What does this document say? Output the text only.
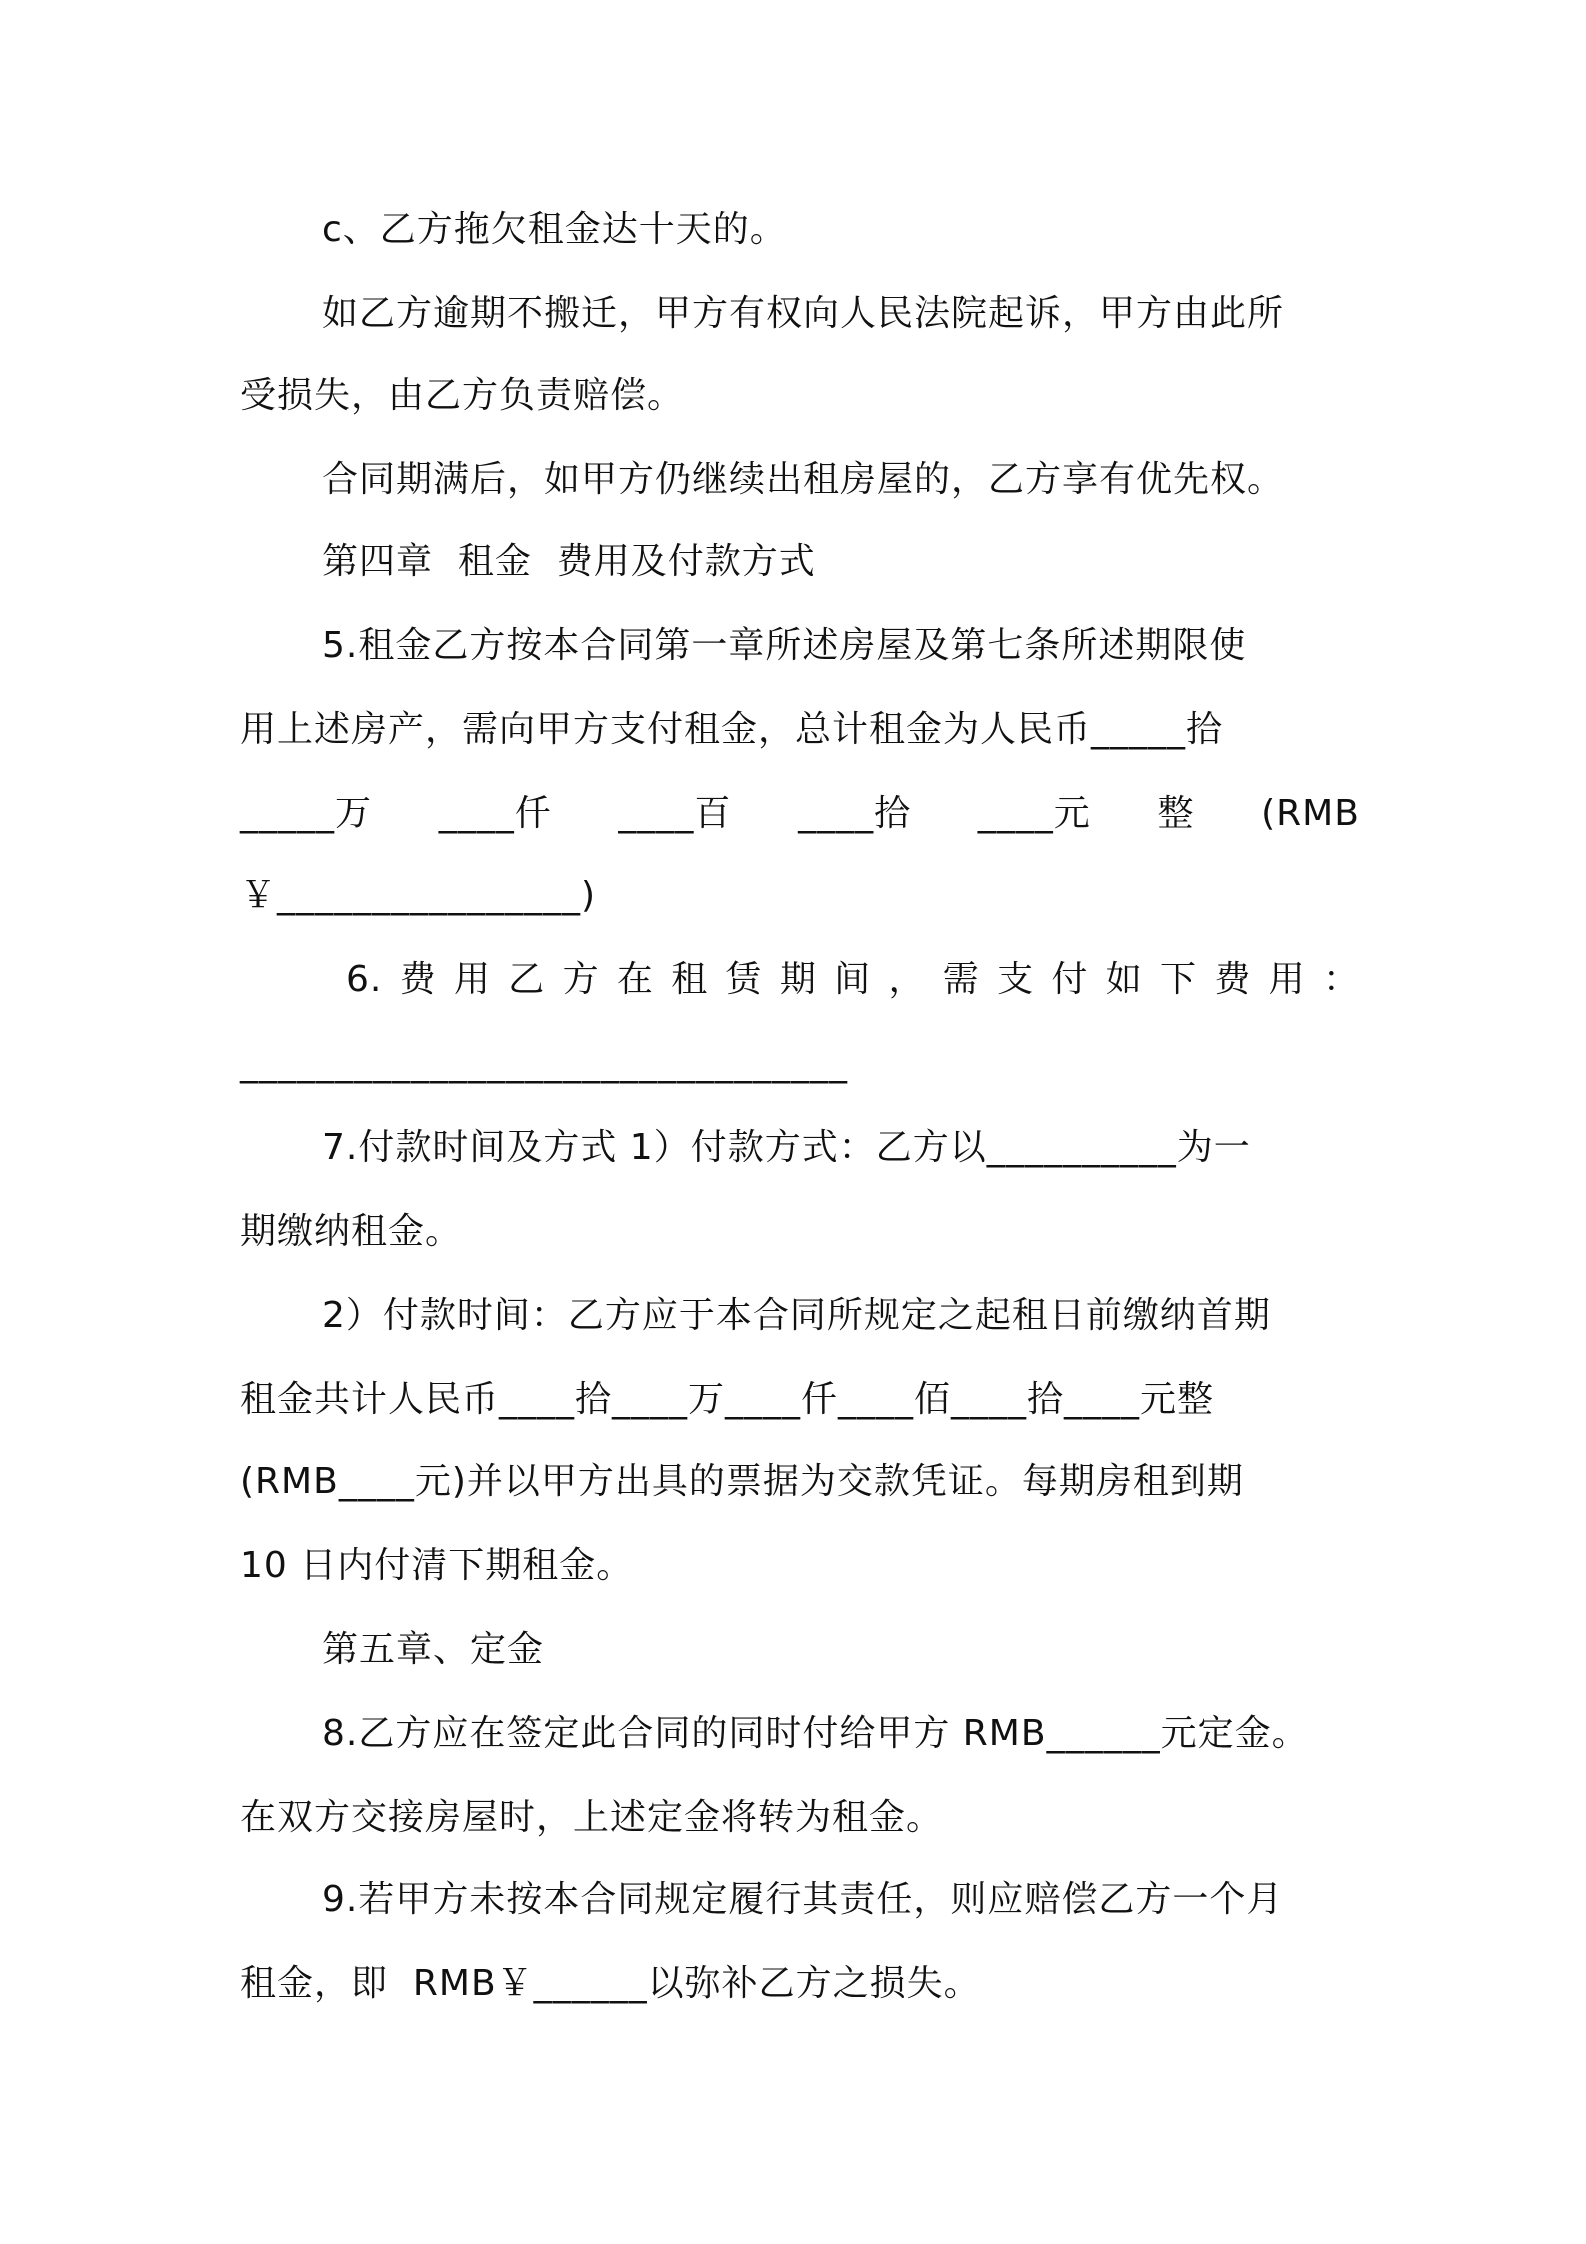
c、乙方拖欠租金达十天的。
如乙方逾期不搬迁，甲方有权向人民法院起诉，甲方由此所
受损失，由乙方负责赔偿。
合同期满后，如甲方仍继续出租房屋的，乙方享有优先权。
第四章  租金  费用及付款方式
5.租金乙方按本合同第一章所述房屋及第七条所述期限使
用上述房产，需向甲方支付租金，总计租金为人民币_____拾
_____万 ____仟 ____百 ____拾 ____元 整 (RMB
￥________________)
6. 费 用 乙 方 在 租 赁 期 间 ， 需 支 付 如 下 费 用 ：
________________________________
7.付款时间及方式 1）付款方式：乙方以__________为一
期缴纳租金。
2）付款时间：乙方应于本合同所规定之起租日前缴纳首期
租金共计人民币____拾____万____仟____佰____拾____元整
(RMB____元)并以甲方出具的票据为交款凭证。每期房租到期
10 日内付清下期租金。
第五章、定金
8.乙方应在签定此合同的同时付给甲方 RMB______元定金。
在双方交接房屋时，上述定金将转为租金。
9.若甲方未按本合同规定履行其责任，则应赔偿乙方一个月
租金，即  RMB￥______以弥补乙方之损失。
